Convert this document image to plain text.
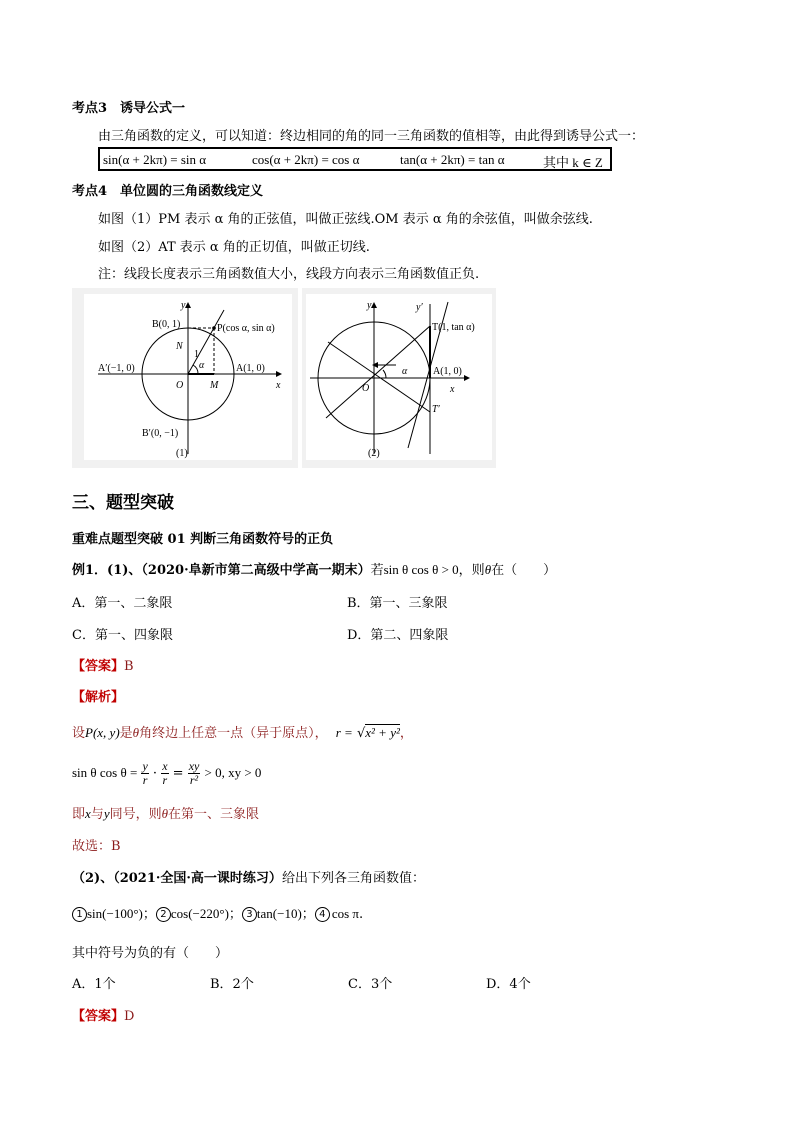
考点3　诱导公式一
由三角函数的定义，可以知道：终边相同的角的同一三角函数的值相等，由此得到诱导公式一：
sin(α + 2kπ) = sin α	cos(α + 2kπ) = cos α	tan(α + 2kπ) = tan α	其中 k ∈ Z
考点4　单位圆的三角函数线定义
如图（1）PM 表示 α 角的正弦值，叫做正弦线.OM 表示 α 角的余弦值，叫做余弦线.
如图（2）AT 表示 α 角的正切值，叫做正切线.
注：线段长度表示三角函数值大小，线段方向表示三角函数值正负.
y
x
B(0, 1)	P(cos α, sin α)
A′(−1, 0)	A(1, 0)
B′(0, −1)
N
1
α
O	M
(1)
y	y′
T(1, tan α)
A(1, 0)
α
O	x
T′
(2)
三、题型突破
重难点题型突破 01 判断三角函数符号的正负
例1．(1)、（2020·阜新市第二高级中学高一期末）若sin θ cos θ > 0，则θ在（　　）
A．第一、二象限	B．第一、三象限
C．第一、四象限	D．第二、四象限
【答案】B
【解析】
设P(x, y)是θ角终边上任意一点（异于原点）， r = √x² + y²，
sin θ $\cos \theta = \frac{y}{r} \cdot \frac{x}{r} = \frac{xy}{\text{r²}} > 0$, xy > 0
即x与y同号，则θ在第一、三象限
故选：B
（2)、（2021·全国·高一课时练习）给出下列各三角函数值：
1 sin(−100°)； 2 cos(−220°)； 3 tan(−10)； 4 cos π.
其中符号为负的有（　　）
A．1个	B．2个	C．3个	D．4个
【答案】D
